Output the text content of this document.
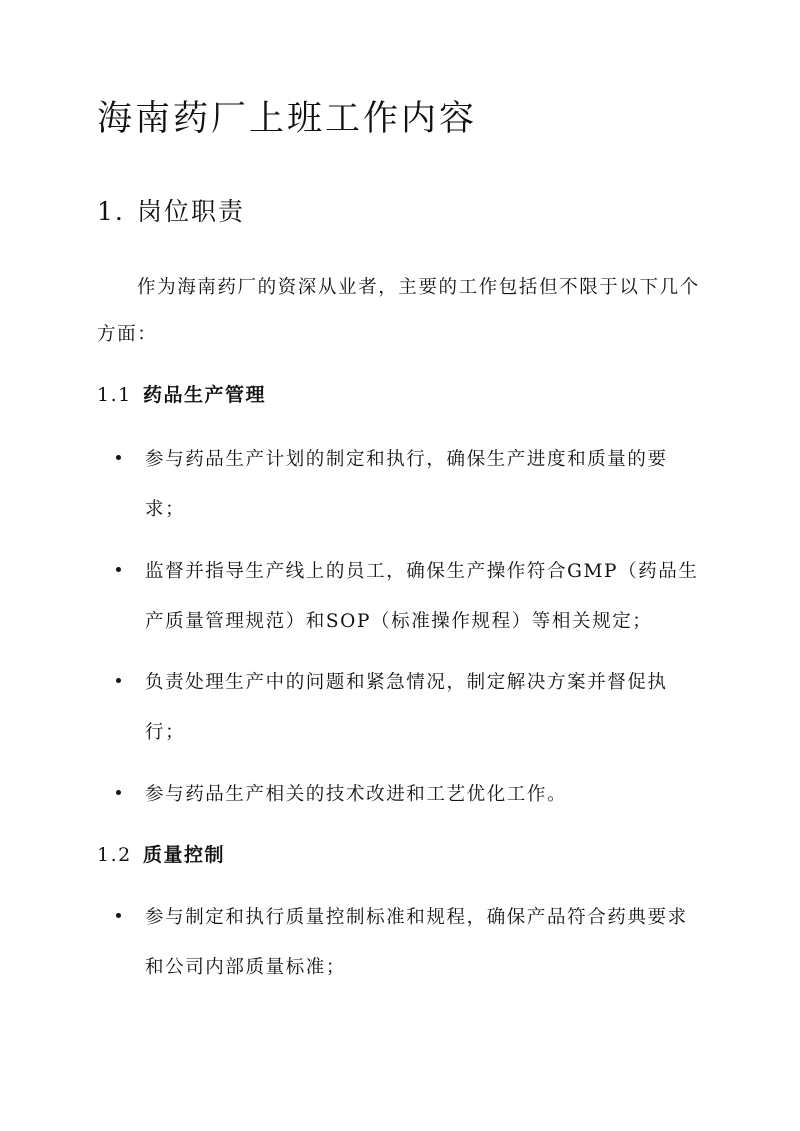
海南药厂上班工作内容
1. 岗位职责

作为海南药厂的资深从业者，主要的工作包括但不限于以下几个方面：

1.1 药品生产管理
参与药品生产计划的制定和执行，确保生产进度和质量的要求；
监督并指导生产线上的员工，确保生产操作符合GMP（药品生产质量管理规范）和SOP（标准操作规程）等相关规定；
负责处理生产中的问题和紧急情况，制定解决方案并督促执行；
参与药品生产相关的技术改进和工艺优化工作。
1.2 质量控制
参与制定和执行质量控制标准和规程，确保产品符合药典要求和公司内部质量标准；
